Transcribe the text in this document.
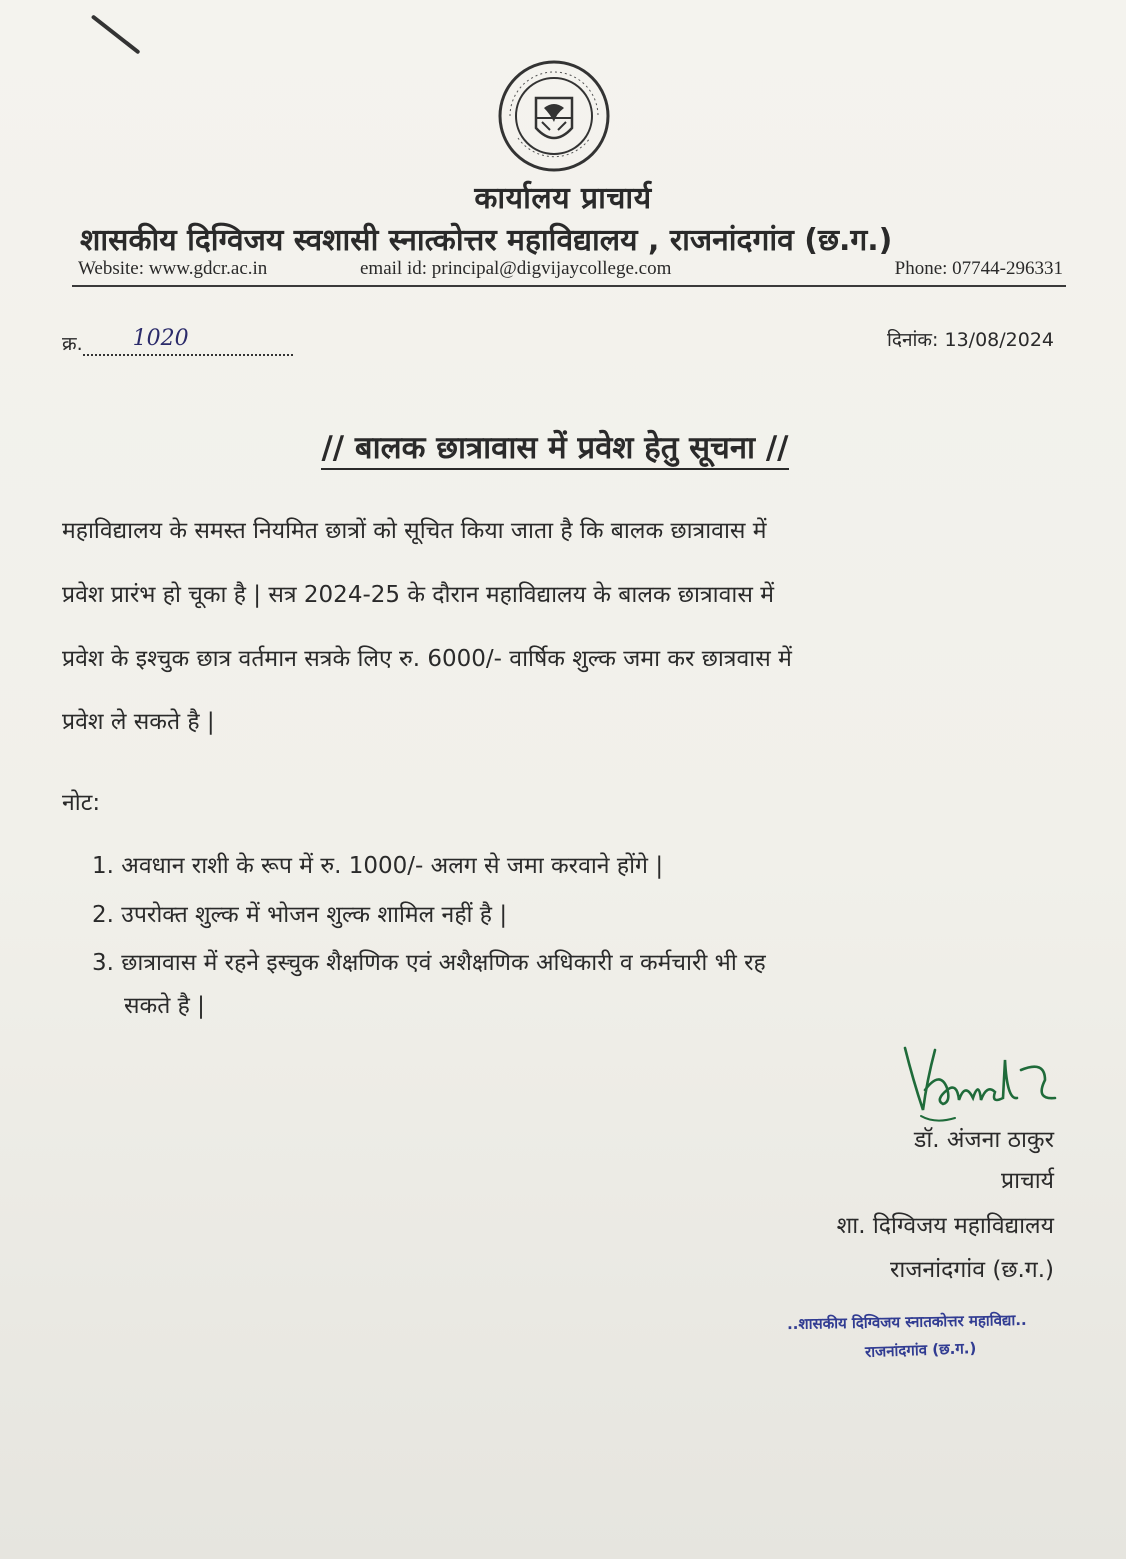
कार्यालय प्राचार्य
शासकीय दिग्विजय स्वशासी स्नात्कोत्तर महाविद्यालय , राजनांदगांव (छ.ग.)
Website: www.gdcr.ac.in	email id: principal@digvijaycollege.com	Phone: 07744-296331
क्र. 1020	दिनांक: 13/08/2024
// बालक छात्रावास में प्रवेश हेतु सूचना //
महाविद्यालय के समस्त नियमित छात्रों को सूचित किया जाता है कि बालक छात्रावास में
प्रवेश प्रारंभ हो चूका है | सत्र 2024-25 के दौरान महाविद्यालय के बालक छात्रावास में
प्रवेश के इश्चुक छात्र वर्तमान सत्रके लिए रु. 6000/- वार्षिक शुल्क जमा कर छात्रवास में
प्रवेश ले सकते है |
नोट:
1. अवधान राशी के रूप में रु. 1000/- अलग से जमा करवाने होंगे |
2. उपरोक्त शुल्क में भोजन शुल्क शामिल नहीं है |
3. छात्रावास में रहने इस्चुक शैक्षणिक एवं अशैक्षणिक अधिकारी व कर्मचारी भी रह
सकते है |
डॉ. अंजना ठाकुर
प्राचार्य
शा. दिग्विजय महाविद्यालय
राजनांदगांव (छ.ग.)
..शासकीय दिग्विजय स्नातकोत्तर महाविद्या..
राजनांदगांव (छ.ग.)
